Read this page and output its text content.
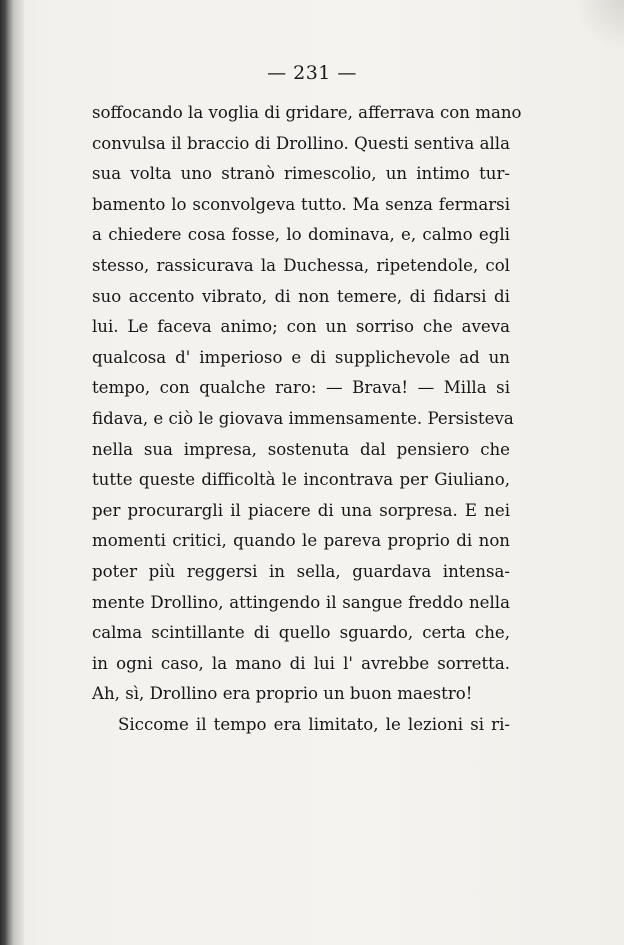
— 231 —
soffocando la voglia di gridare, afferrava con mano
convulsa il braccio di Drollino. Questi sentiva alla
sua volta uno stranò rimescolio, un intimo tur-
bamento lo sconvolgeva tutto. Ma senza fermarsi
a chiedere cosa fosse, lo dominava, e, calmo egli
stesso, rassicurava la Duchessa, ripetendole, col
suo accento vibrato, di non temere, di fidarsi di
lui. Le faceva animo; con un sorriso che aveva
qualcosa d' imperioso e di supplichevole ad un
tempo, con qualche raro: — Brava! — Milla si
fidava, e ciò le giovava immensamente. Persisteva
nella sua impresa, sostenuta dal pensiero che
tutte queste difficoltà le incontrava per Giuliano,
per procurargli il piacere di una sorpresa. E nei
momenti critici, quando le pareva proprio di non
poter più reggersi in sella, guardava intensa-
mente Drollino, attingendo il sangue freddo nella
calma scintillante di quello sguardo, certa che,
in ogni caso, la mano di lui l' avrebbe sorretta.
Ah, sì, Drollino era proprio un buon maestro!
Siccome il tempo era limitato, le lezioni si ri-
